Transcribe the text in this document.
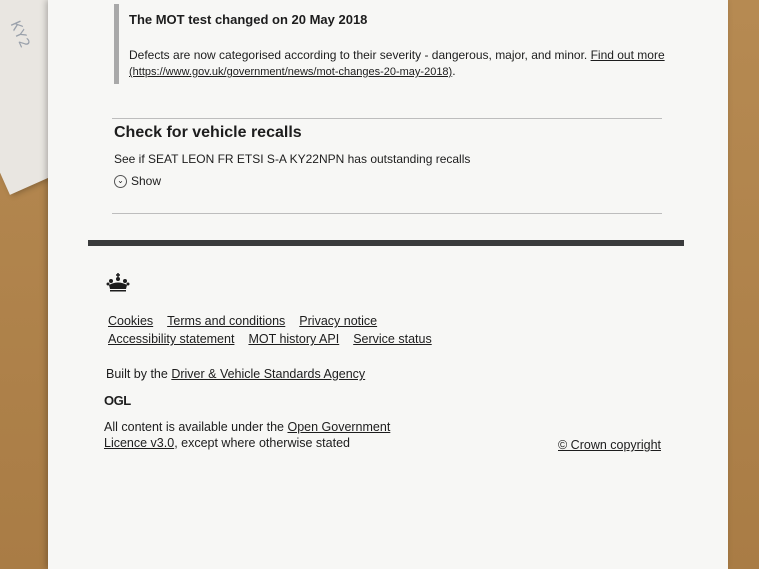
KY2	The MOT test changed on 20 May 2018

Defects are now categorised according to their severity - dangerous, major, and minor. Find out more (https://www.gov.uk/government/news/mot-changes-20-may-2018).

Check for vehicle recalls

See if SEAT LEON FR ETSI S-A KY22NPN has outstanding recalls

⌄ Show
Cookies Terms and conditions Privacy notice
Accessibility statement MOT history API Service status
Built by the Driver & Vehicle Standards Agency
OGL
All content is available under the Open Government Licence v3.0, except where otherwise stated	© Crown copyright
